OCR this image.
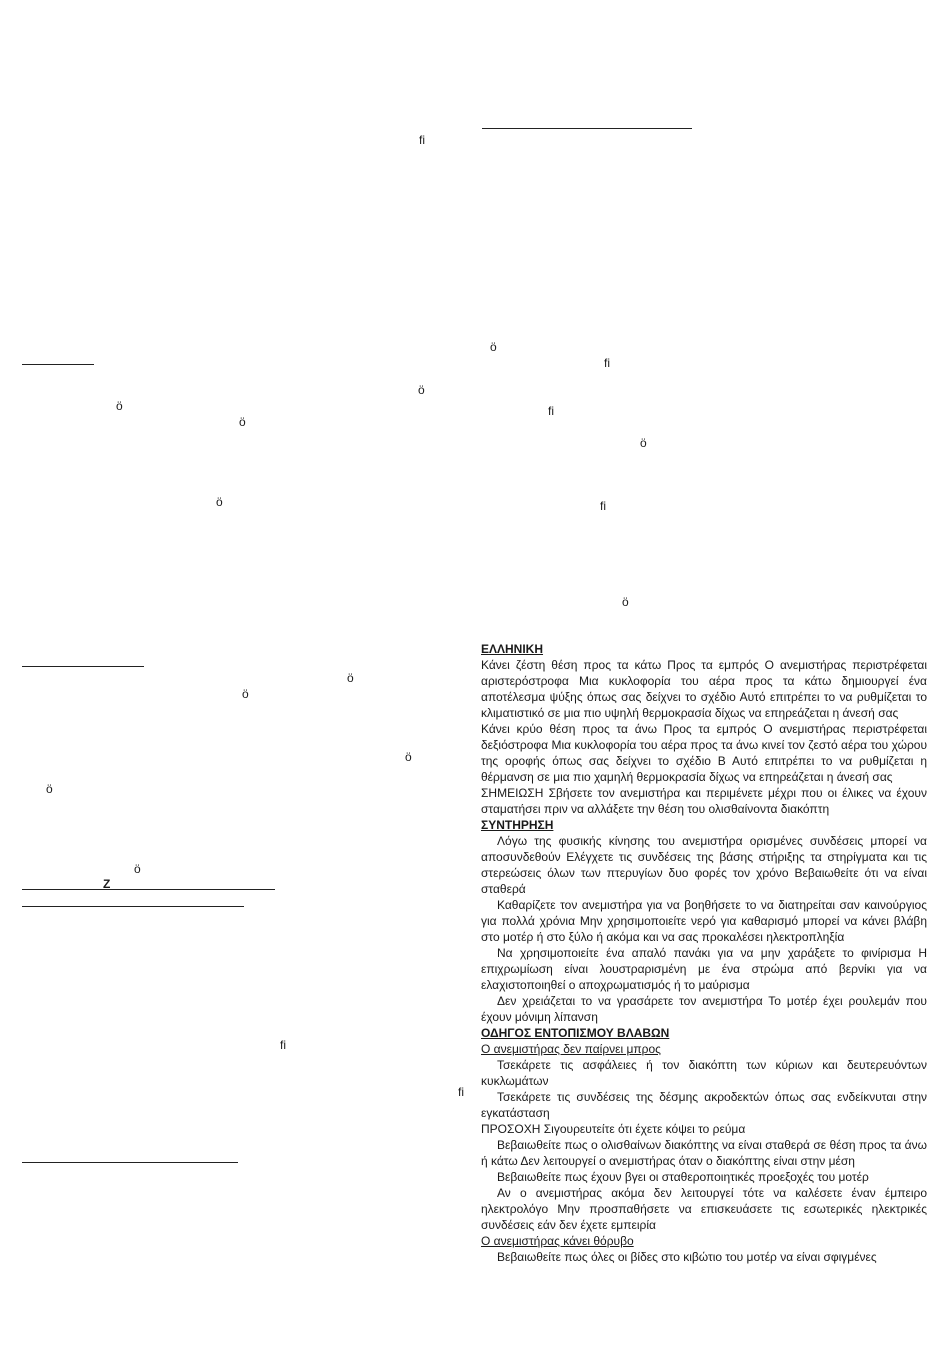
fi
ö
fi
ö
ö	fi
ö
ö
ö	fi
ö
ö
ö
ö
ö
ö
Z
fi
fi

ΕΛΛΗΝΙΚΗ

Κάνει ζέστη θέση προς τα κάτω Προς τα εμπρός Ο ανεμιστήρας περιστρέφεται αριστερόστροφα Μια κυκλοφορία του αέρα προς τα κάτω δημιουργεί ένα αποτέλεσμα ψύξης όπως σας δείχνει το σχέδιο Αυτό επιτρέπει το να ρυθμίζεται το κλιματιστικό σε μια πιο υψηλή θερμοκρασία δίχως να επηρεάζεται η άνεσή σας

Κάνει κρύο θέση προς τα άνω Προς τα εμπρός Ο ανεμιστήρας περιστρέφεται δεξιόστροφα Μια κυκλοφορία του αέρα προς τα άνω κινεί τον ζεστό αέρα του χώρου της οροφής όπως σας δείχνει το σχέδιο Β Αυτό επιτρέπει το να ρυθμίζεται η θέρμανση σε μια πιο χαμηλή θερμοκρασία δίχως να επηρεάζεται η άνεσή σας

ΣΗΜΕΙΩΣΗ Σβήσετε τον ανεμιστήρα και περιμένετε μέχρι που οι έλικες να έχουν σταματήσει πριν να αλλάξετε την θέση του ολισθαίνοντα διακόπτη

ΣΥΝΤΗΡΗΣΗ

Λόγω της φυσικής κίνησης του ανεμιστήρα ορισμένες συνδέσεις μπορεί να αποσυνδεθούν Ελέγχετε τις συνδέσεις της βάσης στήριξης τα στηρίγματα και τις στερεώσεις όλων των πτερυγίων δυο φορές τον χρόνο Βεβαιωθείτε ότι να είναι σταθερά

Καθαρίζετε τον ανεμιστήρα για να βοηθήσετε το να διατηρείται σαν καινούργιος για πολλά χρόνια Μην χρησιμοποιείτε νερό για καθαρισμό μπορεί να κάνει βλάβη στο μοτέρ ή στο ξύλο ή ακόμα και να σας προκαλέσει ηλεκτροπληξία

Να χρησιμοποιείτε ένα απαλό πανάκι για να μην χαράξετε το φινίρισμα Η επιχρωμίωση είναι λουστραρισμένη με ένα στρώμα από βερνίκι για να ελαχιστοποιηθεί ο αποχρωματισμός ή το μαύρισμα

Δεν χρειάζεται το να γρασάρετε τον ανεμιστήρα Το μοτέρ έχει ρουλεμάν που έχουν μόνιμη λίπανση

ΟΔΗΓΟΣ ΕΝΤΟΠΙΣΜΟΥ ΒΛΑΒΩΝ

Ο ανεμιστήρας δεν παίρνει μπρος

Τσεκάρετε τις ασφάλειες ή τον διακόπτη των κύριων και δευτερευόντων κυκλωμάτων

Τσεκάρετε τις συνδέσεις της δέσμης ακροδεκτών όπως σας ενδείκνυται στην εγκατάσταση

ΠΡΟΣΟΧΗ Σιγουρευτείτε ότι έχετε κόψει το ρεύμα

Βεβαιωθείτε πως ο ολισθαίνων διακόπτης να είναι σταθερά σε θέση προς τα άνω ή κάτω Δεν λειτουργεί ο ανεμιστήρας όταν ο διακόπτης είναι στην μέση

Βεβαιωθείτε πως έχουν βγει οι σταθεροποιητικές προεξοχές του μοτέρ

Αν ο ανεμιστήρας ακόμα δεν λειτουργεί τότε να καλέσετε έναν έμπειρο ηλεκτρολόγο Μην προσπαθήσετε να επισκευάσετε τις εσωτερικές ηλεκτρικές συνδέσεις εάν δεν έχετε εμπειρία

Ο ανεμιστήρας κάνει θόρυβο

Βεβαιωθείτε πως όλες οι βίδες στο κιβώτιο του μοτέρ να είναι σφιγμένες
